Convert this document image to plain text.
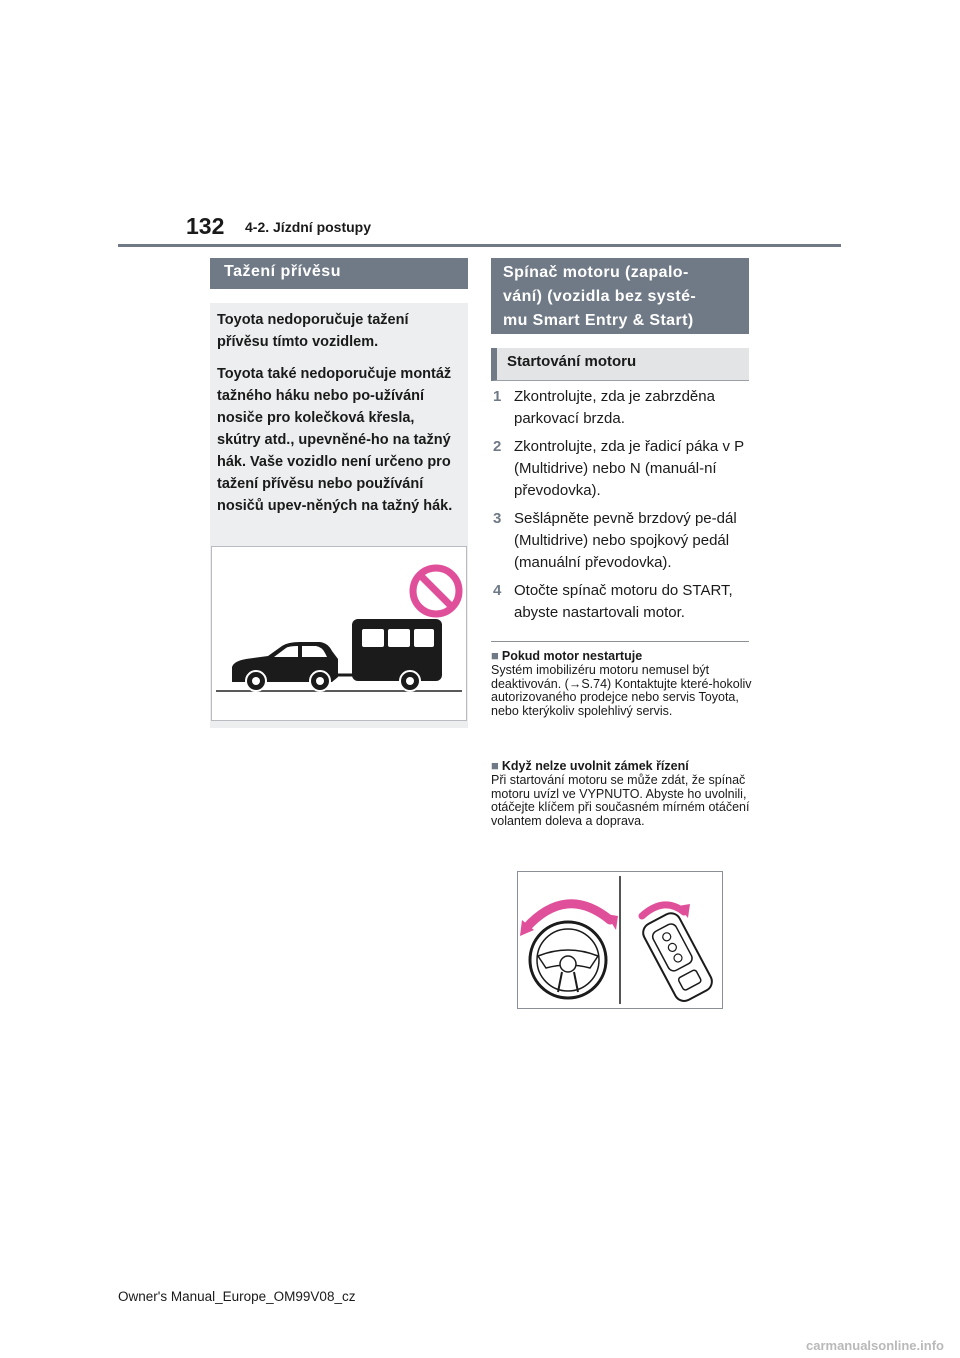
132 4-2. Jízdní postupy
Tažení přívěsu

Toyota nedoporučuje tažení přívěsu tímto vozidlem.

Toyota také nedoporučuje montáž tažného háku nebo po-užívání nosiče pro kolečková křesla, skútry atd., upevněné-ho na tažný hák. Vaše vozidlo není určeno pro tažení přívěsu nebo používání nosičů upev-něných na tažný hák.

Spínač motoru (zapalo-
vání) (vozidla bez systé-
mu Smart Entry & Start)
Startování motoru
1 Zkontrolujte, zda je zabrzděna parkovací brzda.
2 Zkontrolujte, zda je řadicí páka v P (Multidrive) nebo N (manuál-ní převodovka).
3 Sešlápněte pevně brzdový pe-dál (Multidrive) nebo spojkový pedál (manuální převodovka).
4 Otočte spínač motoru do START, abyste nastartovali motor.
■ Pokud motor nestartuje
Systém imobilizéru motoru nemusel být deaktivován. (→S.74) Kontaktujte které-hokoliv autorizovaného prodejce nebo servis Toyota, nebo kterýkoliv spolehlivý servis.
■ Když nelze uvolnit zámek řízení
Při startování motoru se může zdát, že spínač motoru uvízl ve VYPNUTO. Abyste ho uvolnili, otáčejte klíčem při současném mírném otáčení volantem doleva a doprava.
Owner's Manual_Europe_OM99V08_cz
carmanualsonline.info
